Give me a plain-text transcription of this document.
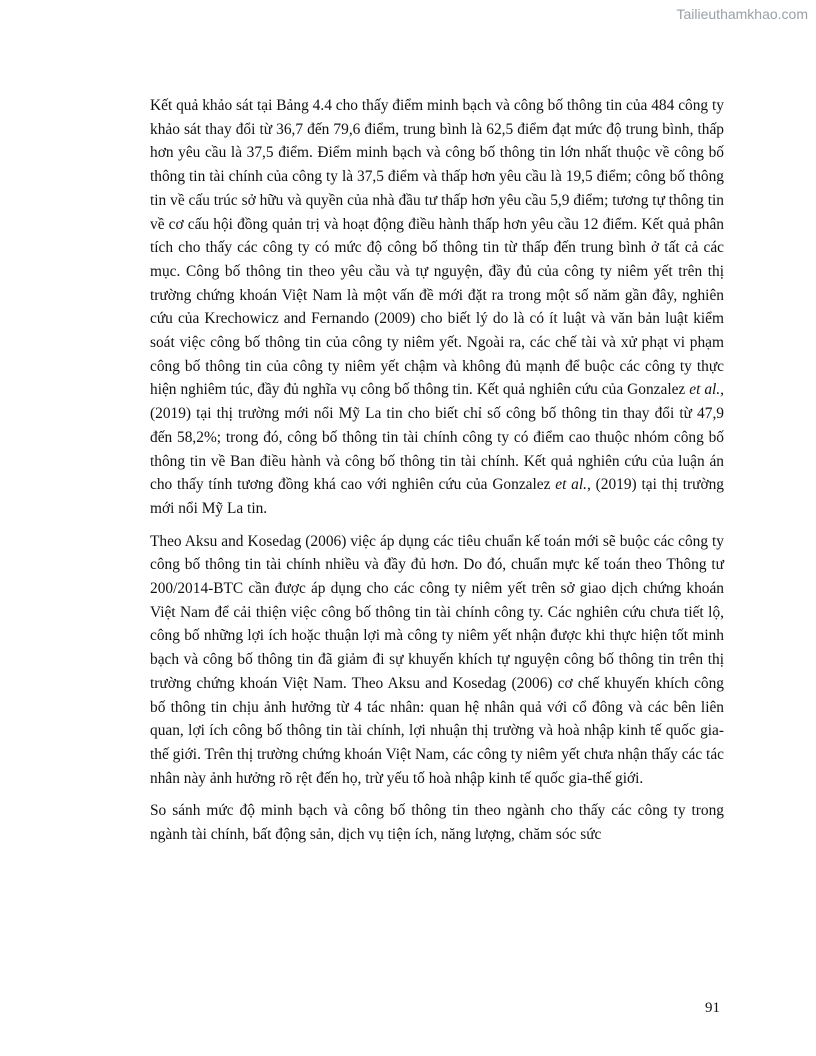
Tailieuthamkhao.com

Kết quả khảo sát tại Bảng 4.4 cho thấy điểm minh bạch và công bố thông tin của 484 công ty khảo sát thay đổi từ 36,7 đến 79,6 điểm, trung bình là 62,5 điểm đạt mức độ trung bình, thấp hơn yêu cầu là 37,5 điểm. Điểm minh bạch và công bố thông tin lớn nhất thuộc về công bố thông tin tài chính của công ty là 37,5 điểm và thấp hơn yêu cầu là 19,5 điểm; công bố thông tin về cấu trúc sở hữu và quyền của nhà đầu tư thấp hơn yêu cầu 5,9 điểm; tương tự thông tin về cơ cấu hội đồng quản trị và hoạt động điều hành thấp hơn yêu cầu 12 điểm. Kết quả phân tích cho thấy các công ty có mức độ công bố thông tin từ thấp đến trung bình ở tất cả các mục. Công bố thông tin theo yêu cầu và tự nguyện, đầy đủ của công ty niêm yết trên thị trường chứng khoán Việt Nam là một vấn đề mới đặt ra trong một số năm gần đây, nghiên cứu của Krechowicz and Fernando (2009) cho biết lý do là có ít luật và văn bản luật kiểm soát việc công bố thông tin của công ty niêm yết. Ngoài ra, các chế tài và xử phạt vi phạm công bố thông tin của công ty niêm yết chậm và không đủ mạnh để buộc các công ty thực hiện nghiêm túc, đầy đủ nghĩa vụ công bố thông tin. Kết quả nghiên cứu của Gonzalez et al., (2019) tại thị trường mới nổi Mỹ La tin cho biết chỉ số công bố thông tin thay đổi từ 47,9 đến 58,2%; trong đó, công bố thông tin tài chính công ty có điểm cao thuộc nhóm công bố thông tin về Ban điều hành và công bố thông tin tài chính. Kết quả nghiên cứu của luận án cho thấy tính tương đồng khá cao với nghiên cứu của Gonzalez et al., (2019) tại thị trường mới nổi Mỹ La tin.

Theo Aksu and Kosedag (2006) việc áp dụng các tiêu chuẩn kế toán mới sẽ buộc các công ty công bố thông tin tài chính nhiều và đầy đủ hơn. Do đó, chuẩn mực kế toán theo Thông tư 200/2014-BTC cần được áp dụng cho các công ty niêm yết trên sở giao dịch chứng khoán Việt Nam để cải thiện việc công bố thông tin tài chính công ty. Các nghiên cứu chưa tiết lộ, công bố những lợi ích hoặc thuận lợi mà công ty niêm yết nhận được khi thực hiện tốt minh bạch và công bố thông tin đã giảm đi sự khuyến khích tự nguyện công bố thông tin trên thị trường chứng khoán Việt Nam. Theo Aksu and Kosedag (2006) cơ chế khuyến khích công bố thông tin chịu ảnh hưởng từ 4 tác nhân: quan hệ nhân quả với cổ đông và các bên liên quan, lợi ích công bố thông tin tài chính, lợi nhuận thị trường và hoà nhập kinh tế quốc gia-thế giới. Trên thị trường chứng khoán Việt Nam, các công ty niêm yết chưa nhận thấy các tác nhân này ảnh hưởng rõ rệt đến họ, trừ yếu tố hoà nhập kinh tế quốc gia-thế giới.

So sánh mức độ minh bạch và công bố thông tin theo ngành cho thấy các công ty trong ngành tài chính, bất động sản, dịch vụ tiện ích, năng lượng, chăm sóc sức

91
